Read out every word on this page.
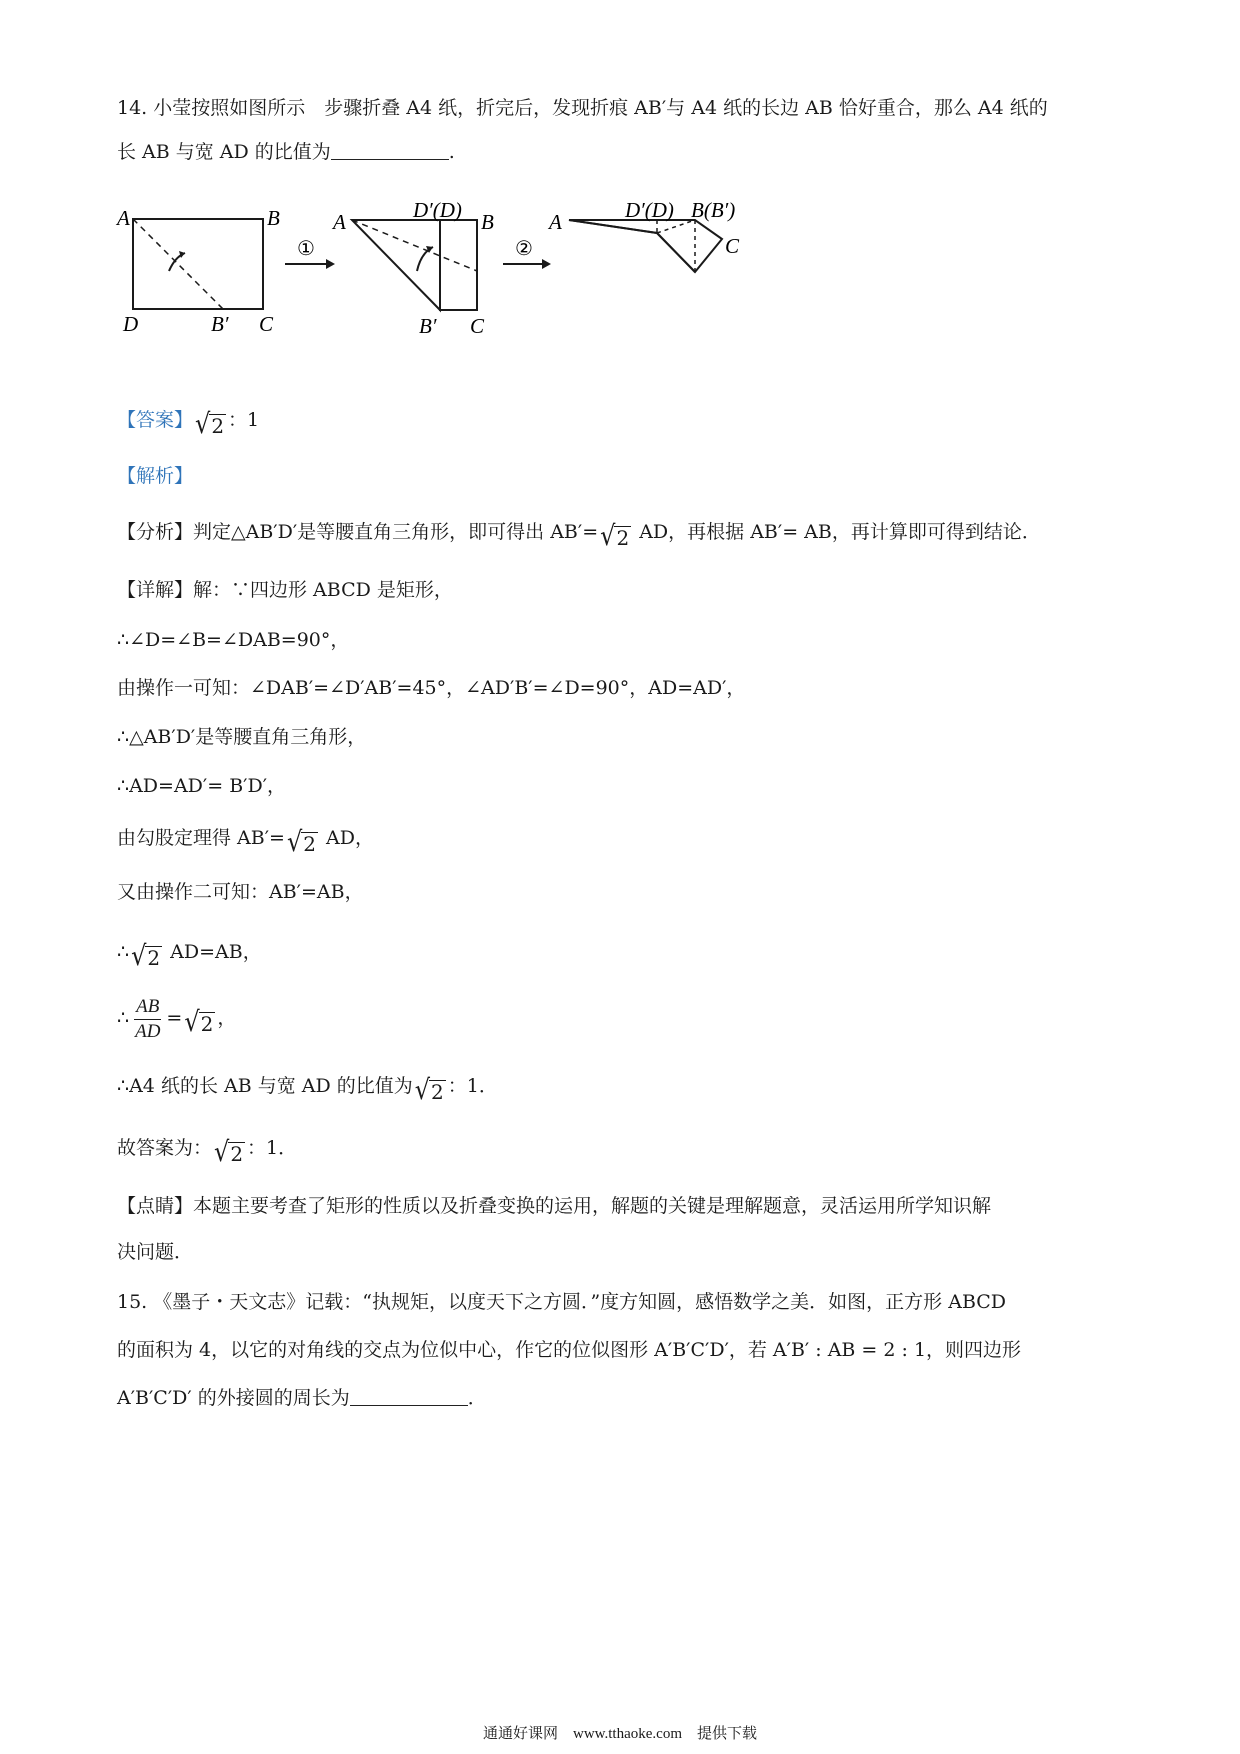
14. 小莹按照如图所示　步骤折叠 A4 纸，折完后，发现折痕 AB′与 A4 纸的长边 AB 恰好重合，那么 A4 纸的
长 AB 与宽 AD 的比值为	.
A	B
D	B′ C
①
A	D′(D) B
B′ C
②
A	D′(D) B(B′)
C
【答案】 √ 2 ：1
【解析】
【分析】判定△AB′D′是等腰直角三角形，即可得出 AB′= √ 2 AD，再根据 AB′= AB，再计算即可得到结论．
【详解】解：∵四边形 ABCD 是矩形，
∴∠D=∠B=∠DAB=90°，
由操作一可知：∠DAB′=∠D′AB′=45°，∠AD′B′=∠D=90°，AD=AD′，
∴△AB′D′是等腰直角三角形，
∴AD=AD′= B′D′，
由勾股定理得 AB′= √ 2 AD，
又由操作二可知：AB′=AB，
∴ √ 2 AD=AB，
∴ $\frac{AB}{AD}$ = √ 2 ，
∴A4 纸的长 AB 与宽 AD 的比值为 √ 2 ：1．
故答案为： √ 2 ：1．
【点睛】本题主要考查了矩形的性质以及折叠变换的运用，解题的关键是理解题意，灵活运用所学知识解
决问题．
15. 《墨子・天文志》记载：“执规矩，以度天下之方圆．”度方知圆，感悟数学之美．如图，正方形 ABCD
的面积为 4，以它的对角线的交点为位似中心，作它的位似图形 A′B′C′D′，若 A′B′ : AB = 2 : 1，则四边形
A′B′C′D′ 的外接圆的周长为	．
通通好课网　www.tthaoke.com　提供下载
